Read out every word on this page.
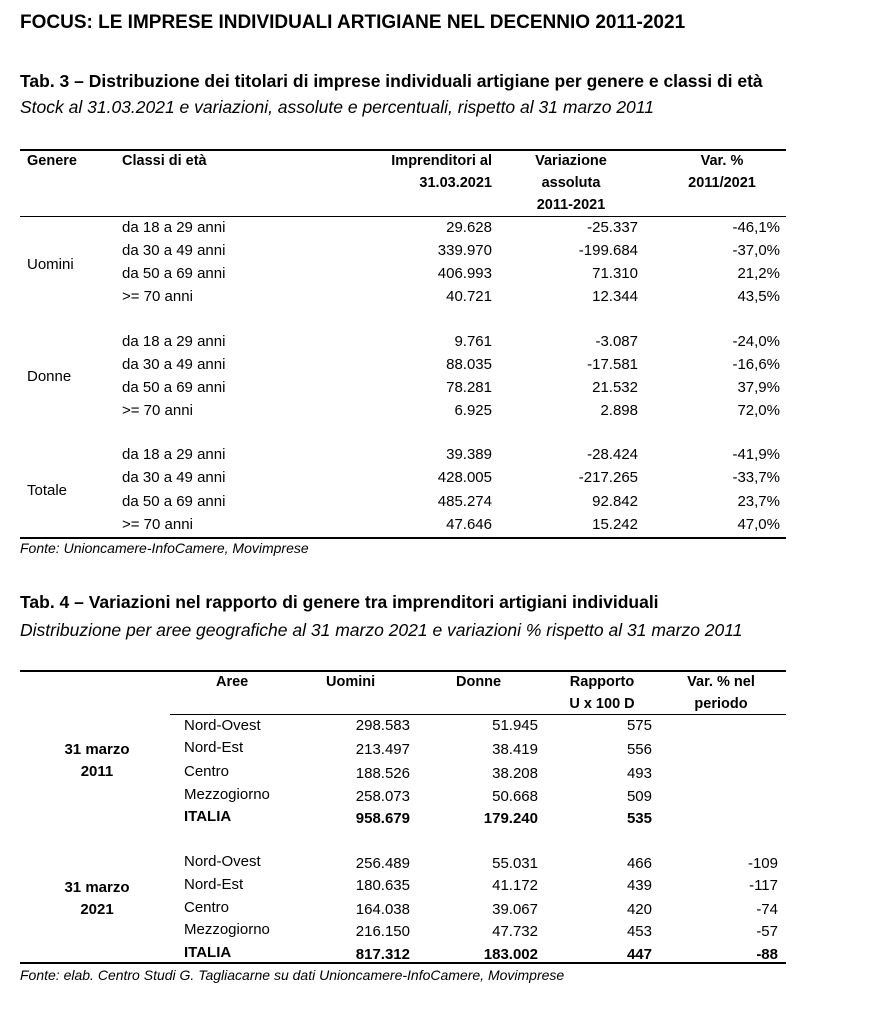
FOCUS: LE IMPRESE INDIVIDUALI ARTIGIANE NEL DECENNIO 2011-2021
Tab. 3 – Distribuzione dei titolari di imprese individuali artigiane per genere e classi di età
Stock al 31.03.2021 e variazioni, assolute e percentuali, rispetto al 31 marzo 2011
Genere	Classi di età	Imprenditori al
31.03.2021
Variazione
assoluta
2011-2021
Var. %
2011/2021
Uomini
da 18 a 29 anni	29.628	-25.337	-46,1%
da 30 a 49 anni	339.970	-199.684	-37,0%
da 50 a 69 anni	406.993	71.310	21,2%
>= 70 anni	40.721	12.344	43,5%
Donne
da 18 a 29 anni	9.761	-3.087	-24,0%
da 30 a 49 anni	88.035	-17.581	-16,6%
da 50 a 69 anni	78.281	21.532	37,9%
>= 70 anni	6.925	2.898	72,0%
Totale
da 18 a 29 anni	39.389	-28.424	-41,9%
da 30 a 49 anni	428.005	-217.265	-33,7%
da 50 a 69 anni	485.274	92.842	23,7%
>= 70 anni	47.646	15.242	47,0%
Fonte: Unioncamere-InfoCamere, Movimprese
Tab. 4 – Variazioni nel rapporto di genere tra imprenditori artigiani individuali
Distribuzione per aree geografiche al 31 marzo 2021 e variazioni % rispetto al 31 marzo 2011
Aree	Uomini	Donne	Rapporto
U x 100 D
Var. % nel
periodo
31 marzo
2011
Nord-Ovest	298.583	51.945	575
Nord-Est	213.497	38.419	556
Centro	188.526	38.208	493
Mezzogiorno	258.073	50.668	509
ITALIA	958.679	179.240	535
31 marzo
2021
Nord-Ovest	256.489	55.031	466	-109
Nord-Est	180.635	41.172	439	-117
Centro	164.038	39.067	420	-74
Mezzogiorno	216.150	47.732	453	-57
ITALIA	817.312	183.002	447	-88
Fonte: elab. Centro Studi G. Tagliacarne su dati Unioncamere-InfoCamere, Movimprese
